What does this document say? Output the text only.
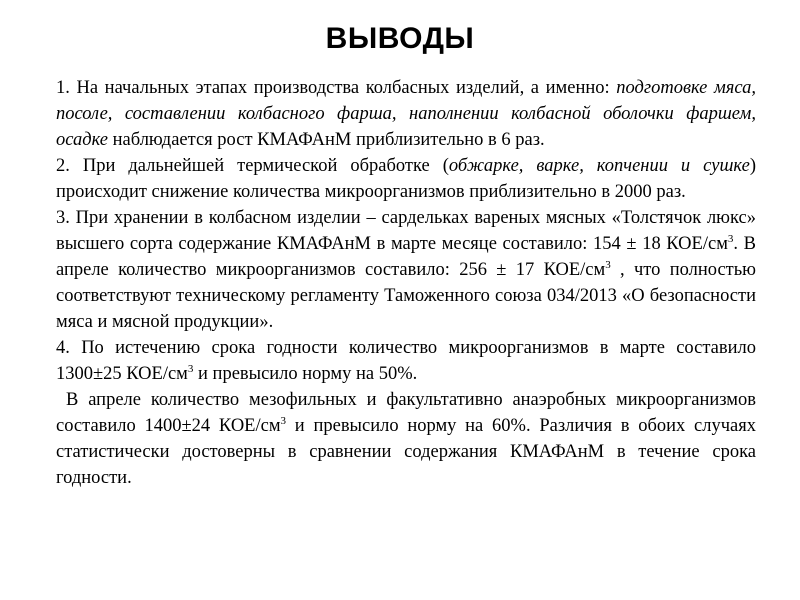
ВЫВОДЫ

1. На начальных этапах производства колбасных изделий, а именно: подготовке мяса, посоле, составлении колбасного фарша, наполнении колбасной оболочки фаршем, осадке наблюдается рост КМАФАнМ приблизительно в 6 раз.

2. При дальнейшей термической обработке (обжарке, варке, копчении и сушке) происходит снижение количества микроорганизмов приблизительно в 2000 раз.

3. При хранении в колбасном изделии – сардельках вареных мясных «Толстячок люкс» высшего сорта содержание КМАФАнМ в марте месяце составило: 154 ± 18 КОЕ/$см^3$. В апреле количество микроорганизмов составило: 256 ± 17 КОЕ/$см^3$ , что полностью соответствуют техническому регламенту Таможенного союза 034/2013 «О безопасности мяса и мясной продукции».

4. По истечению срока годности количество микроорганизмов в марте составило 1300±25 КОЕ/$см^3$ и превысило норму на 50%.

В апреле количество мезофильных и факультативно анаэробных микроорганизмов составило 1400±24 КОЕ/$см^3$ и превысило норму на 60%. Различия в обоих случаях статистически достоверны в сравнении содержания КМАФАнМ в течение срока годности.
